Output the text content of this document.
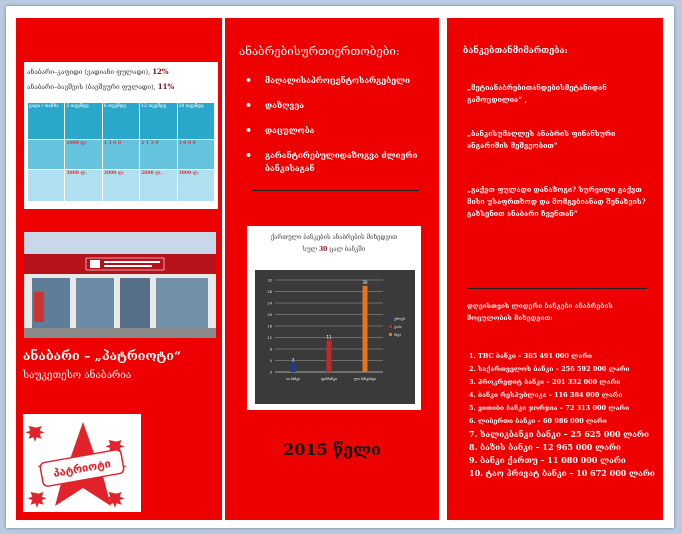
ანაბარი–კაფიდი (ვადიანი ფულადი), 12%
ანაბარი–ბავშვის (ბავშვური ფულადი), 11%
ვადა / თანხა	3 თვემდე	6 თვემდე	12 თვემდე	24 თვემდე
	1000 ლ.	1 5 0 0	2 1 3 0	3 0 0 0
	3000 ლ.	3000 ლ.	2000 ლ.	3000 ლ.
ანაბარი – „პატრიოტი“
საუკეთესო ანაბარია
პატრიოტი
ანაბრებისურთიერთობები:
• მაღალისაპროცენტოსარგებელი
• დაზღვეა
• დაცულობა
• გარანტირებულიდაზოგვა ძლიერი ბანკისაგან
ქართული ბანკების ანაბრების მიხედვით
სულ 30 ცალ ბანკში
0
4
8
12
16
20
24
28
32
3
აი ბანკი
11
ფინბანკი
30
ლი ბანკისტი
ეროვნ.
ტიპი
სხვა
2015 წელი
ბანკებთანმიმართება:
„მეტიანაბრებითანდებისმეტანიდან გამოცდილია“ ,
„ბანკისუმაღლეს ანაბრის ფინანსური ანგარიშის მეშვეობით“
„გაქვთ ფულადი დანაზოგი? სურვილი გაქვთ მისი უსაფრთხოდ და მომგებიანად შენახვის? გახსენით ანაბარი ჩვენთან“
დღეისთვის ლიდერი ბანკები ანაბრების მოცულობის მიხედვით:
1. TBC ბანკი – 385 491 000 ლარი
2. საქართველოს ბანკი – 256 592 000 ლარი
3. პროკრედიტ ბანკი – 201 332 000 ლარი
4. ბანკი რესპუბლიკა – 116 384 000 ლარი
5. ვითიბი ბანკი ჯორჯია – 72 313 000 ლარი
6. ლიბერთი ბანკი – 60 986 000 ლარი
7. ხალიკბანკი ბანკი – 25 625 000 ლარი
8. ბაზის ბანკი – 12 965 000 ლარი
9. ბანკი ქართუ – 11 080 000 ლარი
10. ტაო პრივატ ბანკი – 10 672 000 ლარი
